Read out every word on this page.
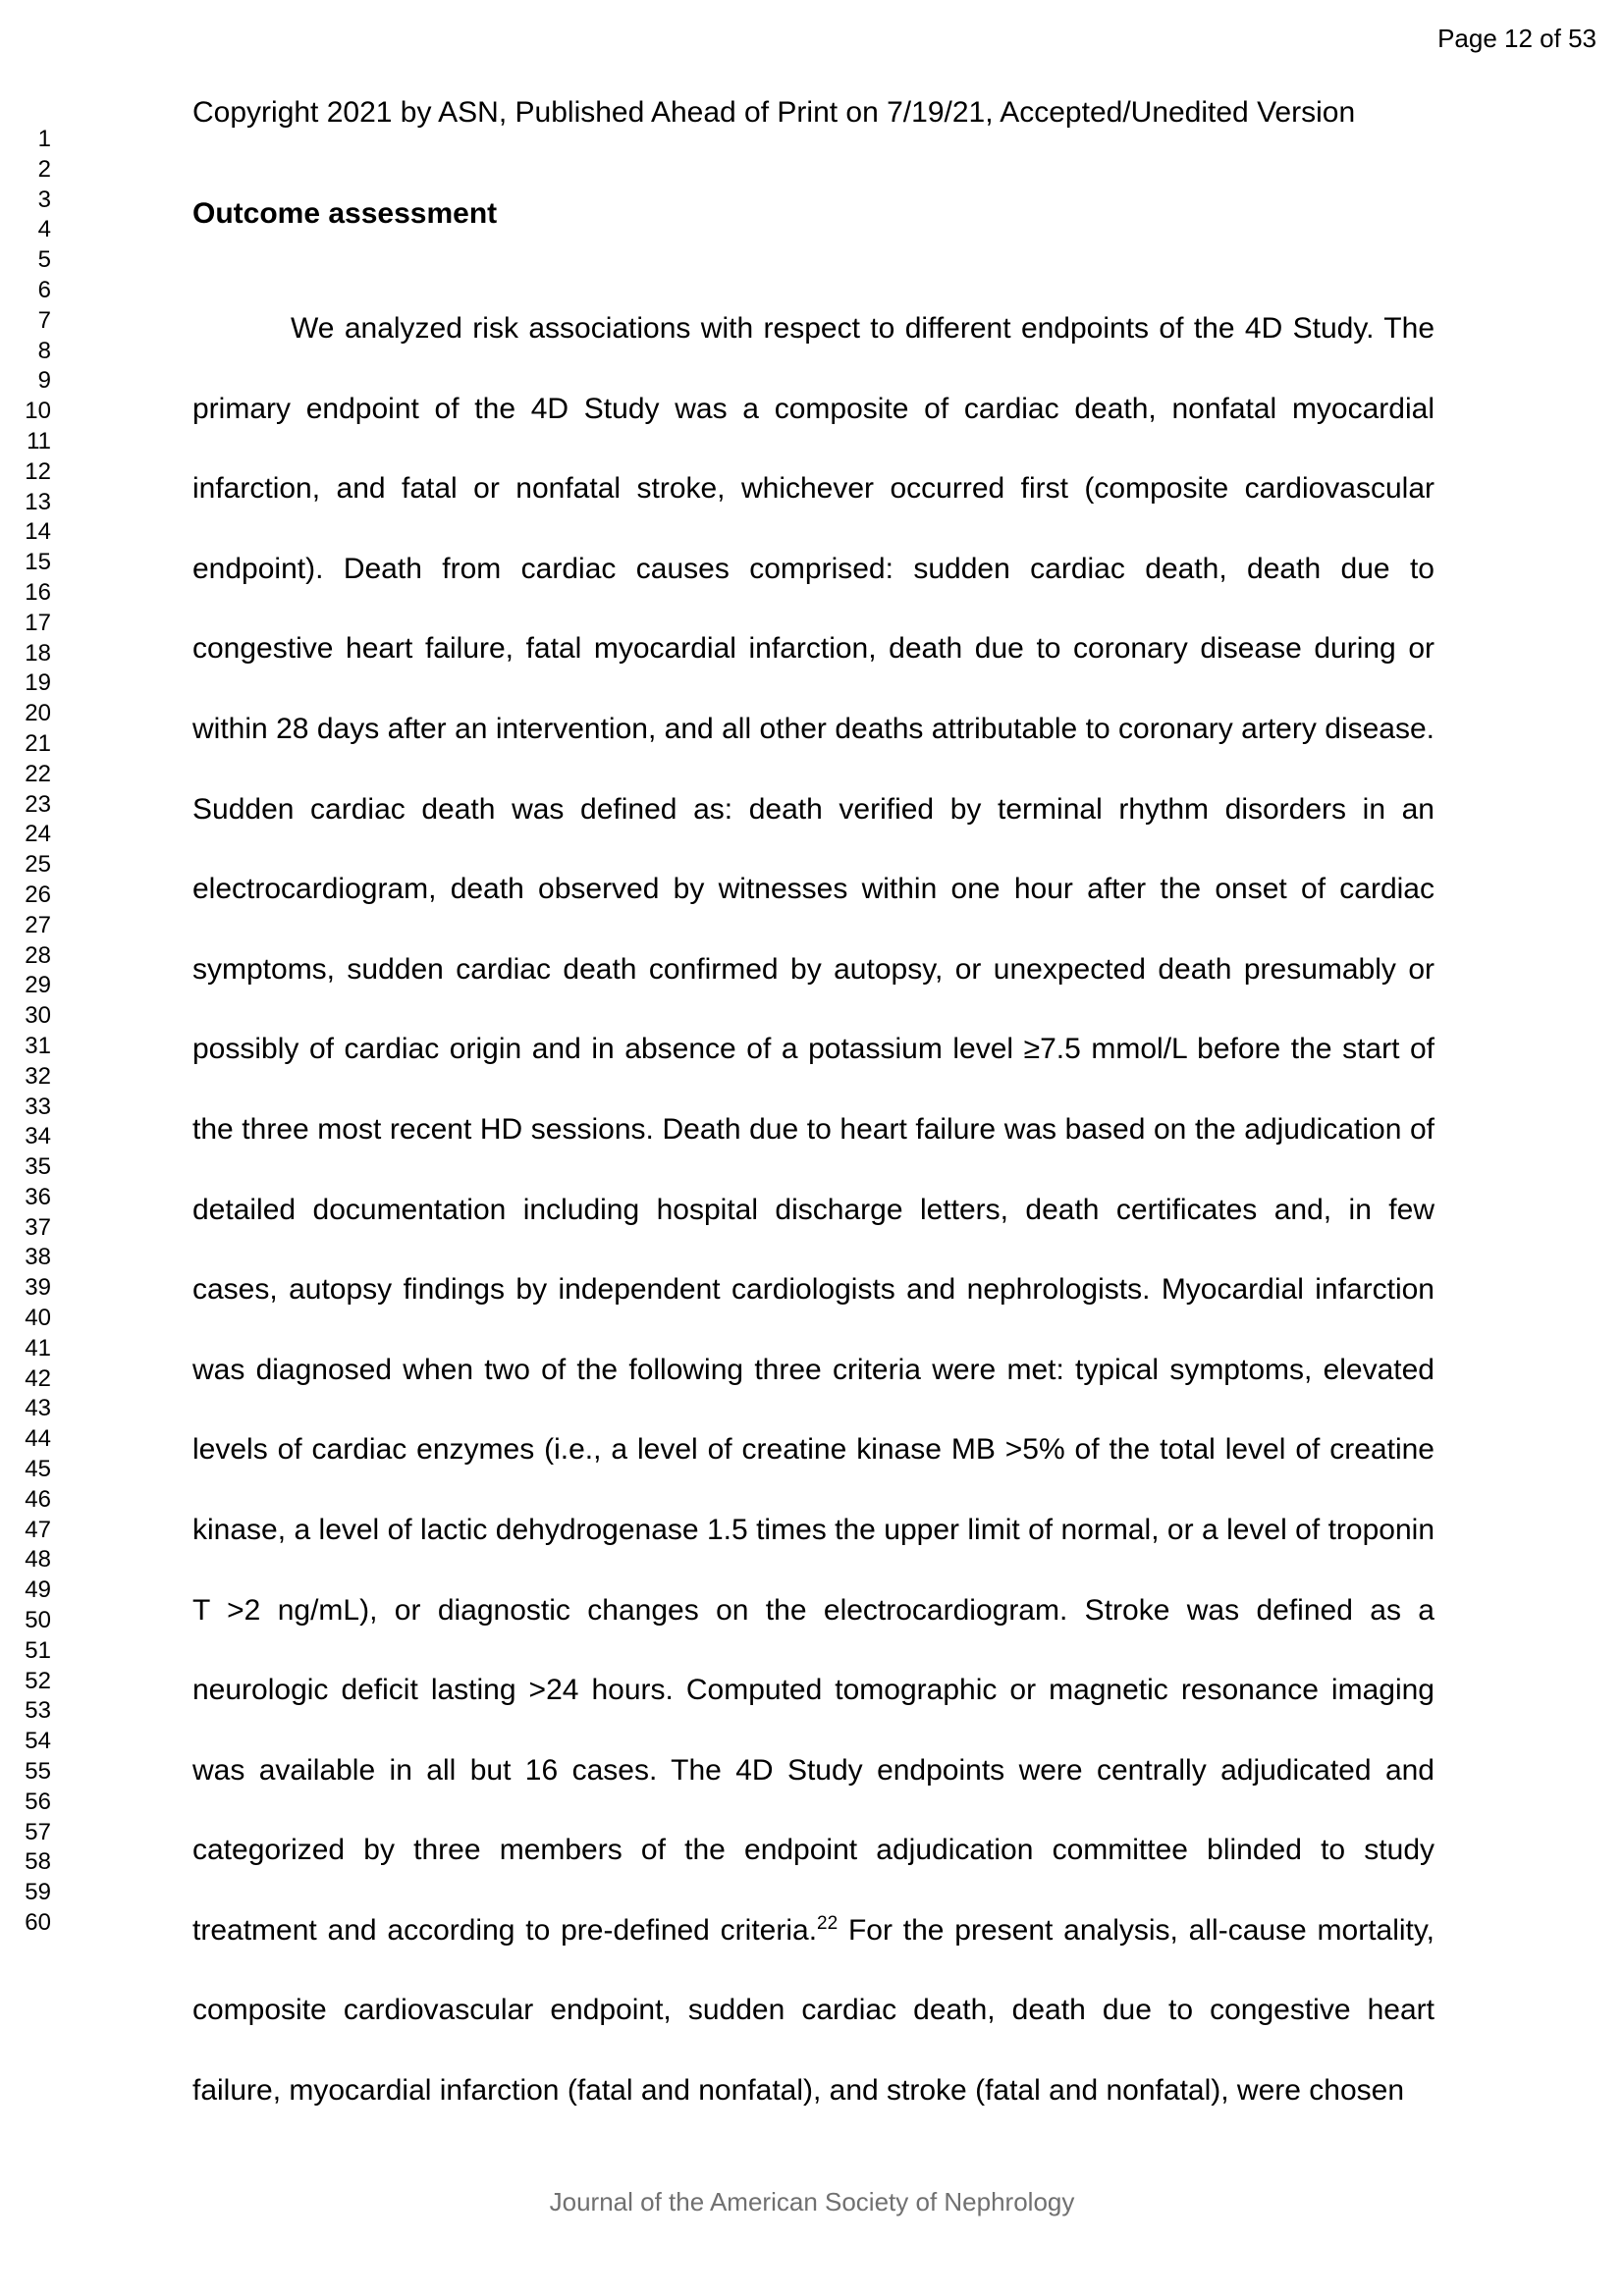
Page 12 of 53
Copyright 2021 by ASN, Published Ahead of Print on 7/19/21, Accepted/Unedited Version
1
2
3
4
5
6
7
8
9
10
11
12
13
14
15
16
17
18
19
20
21
22
23
24
25
26
27
28
29
30
31
32
33
34
35
36
37
38
39
40
41
42
43
44
45
46
47
48
49
50
51
52
53
54
55
56
57
58
59
60
Outcome assessment

We analyzed risk associations with respect to different endpoints of the 4D Study. The primary endpoint of the 4D Study was a composite of cardiac death, nonfatal myocardial infarction, and fatal or nonfatal stroke, whichever occurred first (composite cardiovascular endpoint). Death from cardiac causes comprised: sudden cardiac death, death due to congestive heart failure, fatal myocardial infarction, death due to coronary disease during or within 28 days after an intervention, and all other deaths attributable to coronary artery disease. Sudden cardiac death was defined as: death verified by terminal rhythm disorders in an electrocardiogram, death observed by witnesses within one hour after the onset of cardiac symptoms, sudden cardiac death confirmed by autopsy, or unexpected death presumably or possibly of cardiac origin and in absence of a potassium level ≥7.5 mmol/L before the start of the three most recent HD sessions. Death due to heart failure was based on the adjudication of detailed documentation including hospital discharge letters, death certificates and, in few cases, autopsy findings by independent cardiologists and nephrologists. Myocardial infarction was diagnosed when two of the following three criteria were met: typical symptoms, elevated levels of cardiac enzymes (i.e., a level of creatine kinase MB >5% of the total level of creatine kinase, a level of lactic dehydrogenase 1.5 times the upper limit of normal, or a level of troponin T >2 ng/mL), or diagnostic changes on the electrocardiogram. Stroke was defined as a neurologic deficit lasting >24 hours. Computed tomographic or magnetic resonance imaging was available in all but 16 cases. The 4D Study endpoints were centrally adjudicated and categorized by three members of the endpoint adjudication committee blinded to study treatment and according to pre-defined criteria.$^{22}$ For the present analysis, all-cause mortality, composite cardiovascular endpoint, sudden cardiac death, death due to congestive heart failure, myocardial infarction (fatal and nonfatal), and stroke (fatal and nonfatal), were chosen

Journal of the American Society of Nephrology
